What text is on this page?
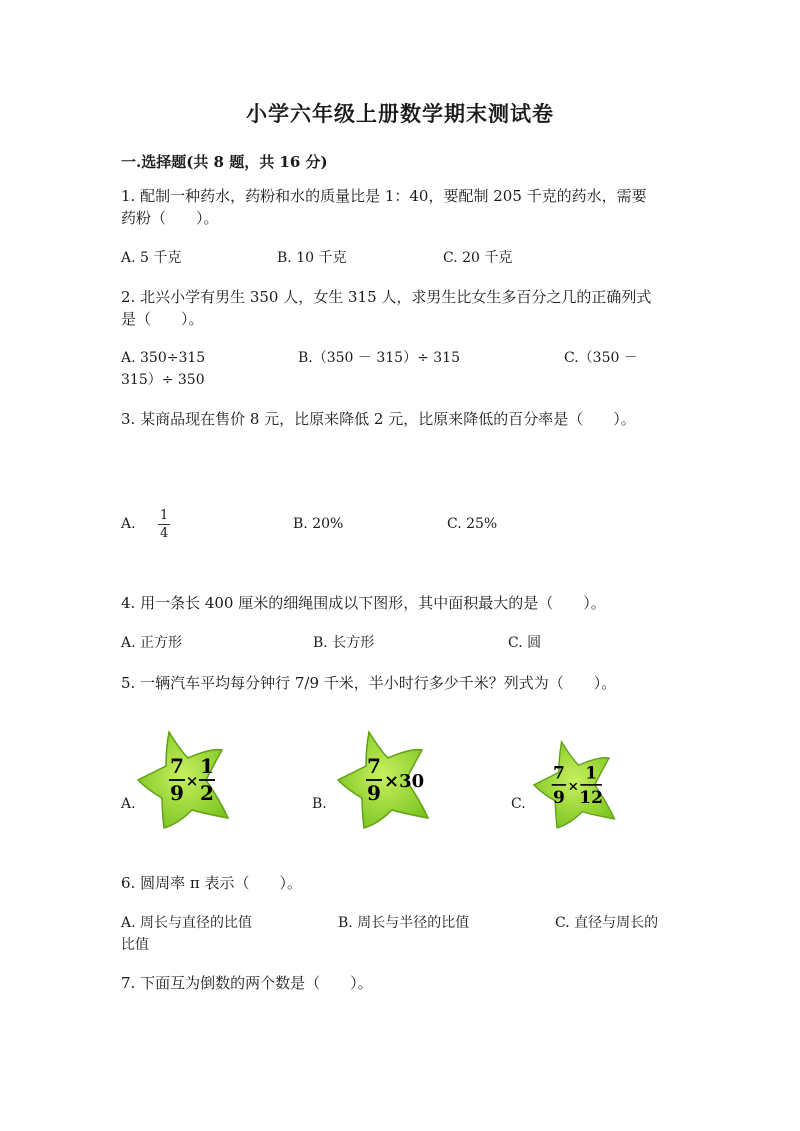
小学六年级上册数学期末测试卷
一.选择题(共 8 题，共 16 分)
1. 配制一种药水，药粉和水的质量比是 1：40，要配制 205 千克的药水，需要
药粉（　　）。
A. 5 千克	B. 10 千克	C. 20 千克
2. 北兴小学有男生 350 人，女生 315 人，求男生比女生多百分之几的正确列式
是（　　）。
A. 350÷315	B.（350 － 315）÷ 315	C.（350 －
315）÷ 350
3. 某商品现在售价 8 元，比原来降低 2 元，比原来降低的百分率是（　　）。
A. $\frac{1}{4}$	B. 20%	C. 25%
4. 用一条长 400 厘米的细绳围成以下图形，其中面积最大的是（　　）。
A. 正方形	B. 长方形	C. 圆
5. 一辆汽车平均每分钟行 7/9 千米，半小时行多少千米？列式为（　　）。
A.	B.	C.
7
9 ×
1
2
7
9 ×30	7
9
×
1
12
6. 圆周率 π 表示（　　）。
A. 周长与直径的比值	B. 周长与半径的比值	C. 直径与周长的
比值
7. 下面互为倒数的两个数是（　　）。
